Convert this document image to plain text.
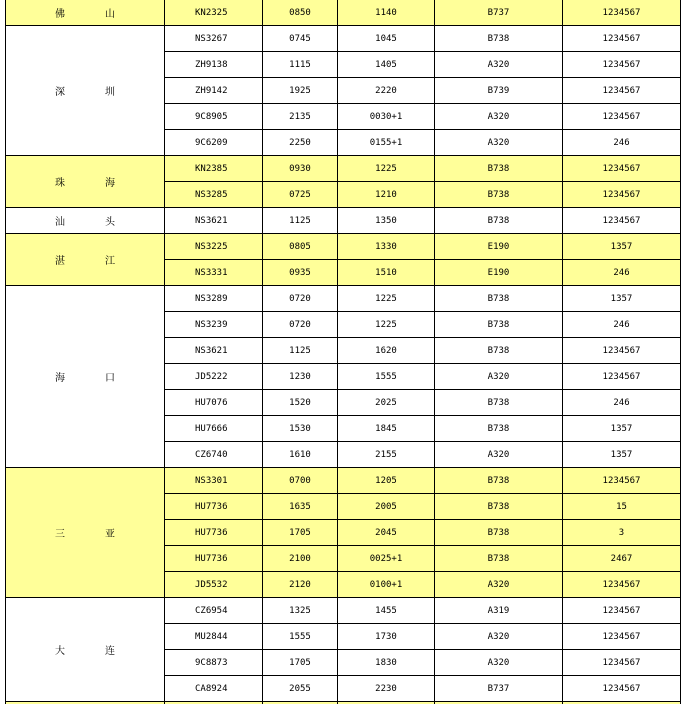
佛　山	KN2325	0850	1140	B737	1234567
深　圳	NS3267	0745	1045	B738	1234567
	ZH9138	1115	1405	A320	1234567
	ZH9142	1925	2220	B739	1234567
	9C8905	2135	0030+1	A320	1234567
	9C6209	2250	0155+1	A320	246
珠　海	KN2385	0930	1225	B738	1234567
	NS3285	0725	1210	B738	1234567
汕　头	NS3621	1125	1350	B738	1234567
湛　江	NS3225	0805	1330	E190	1357
	NS3331	0935	1510	E190	246
海　口	NS3289	0720	1225	B738	1357
	NS3239	0720	1225	B738	246
	NS3621	1125	1620	B738	1234567
	JD5222	1230	1555	A320	1234567
	HU7076	1520	2025	B738	246
	HU7666	1530	1845	B738	1357
	CZ6740	1610	2155	A320	1357
三　亚	NS3301	0700	1205	B738	1234567
	HU7736	1635	2005	B738	15
	HU7736	1705	2045	B738	3
	HU7736	2100	0025+1	B738	2467
	JD5532	2120	0100+1	A320	1234567
大　连	CZ6954	1325	1455	A319	1234567
	MU2844	1555	1730	A320	1234567
	9C8873	1705	1830	A320	1234567
	CA8924	2055	2230	B737	1234567
